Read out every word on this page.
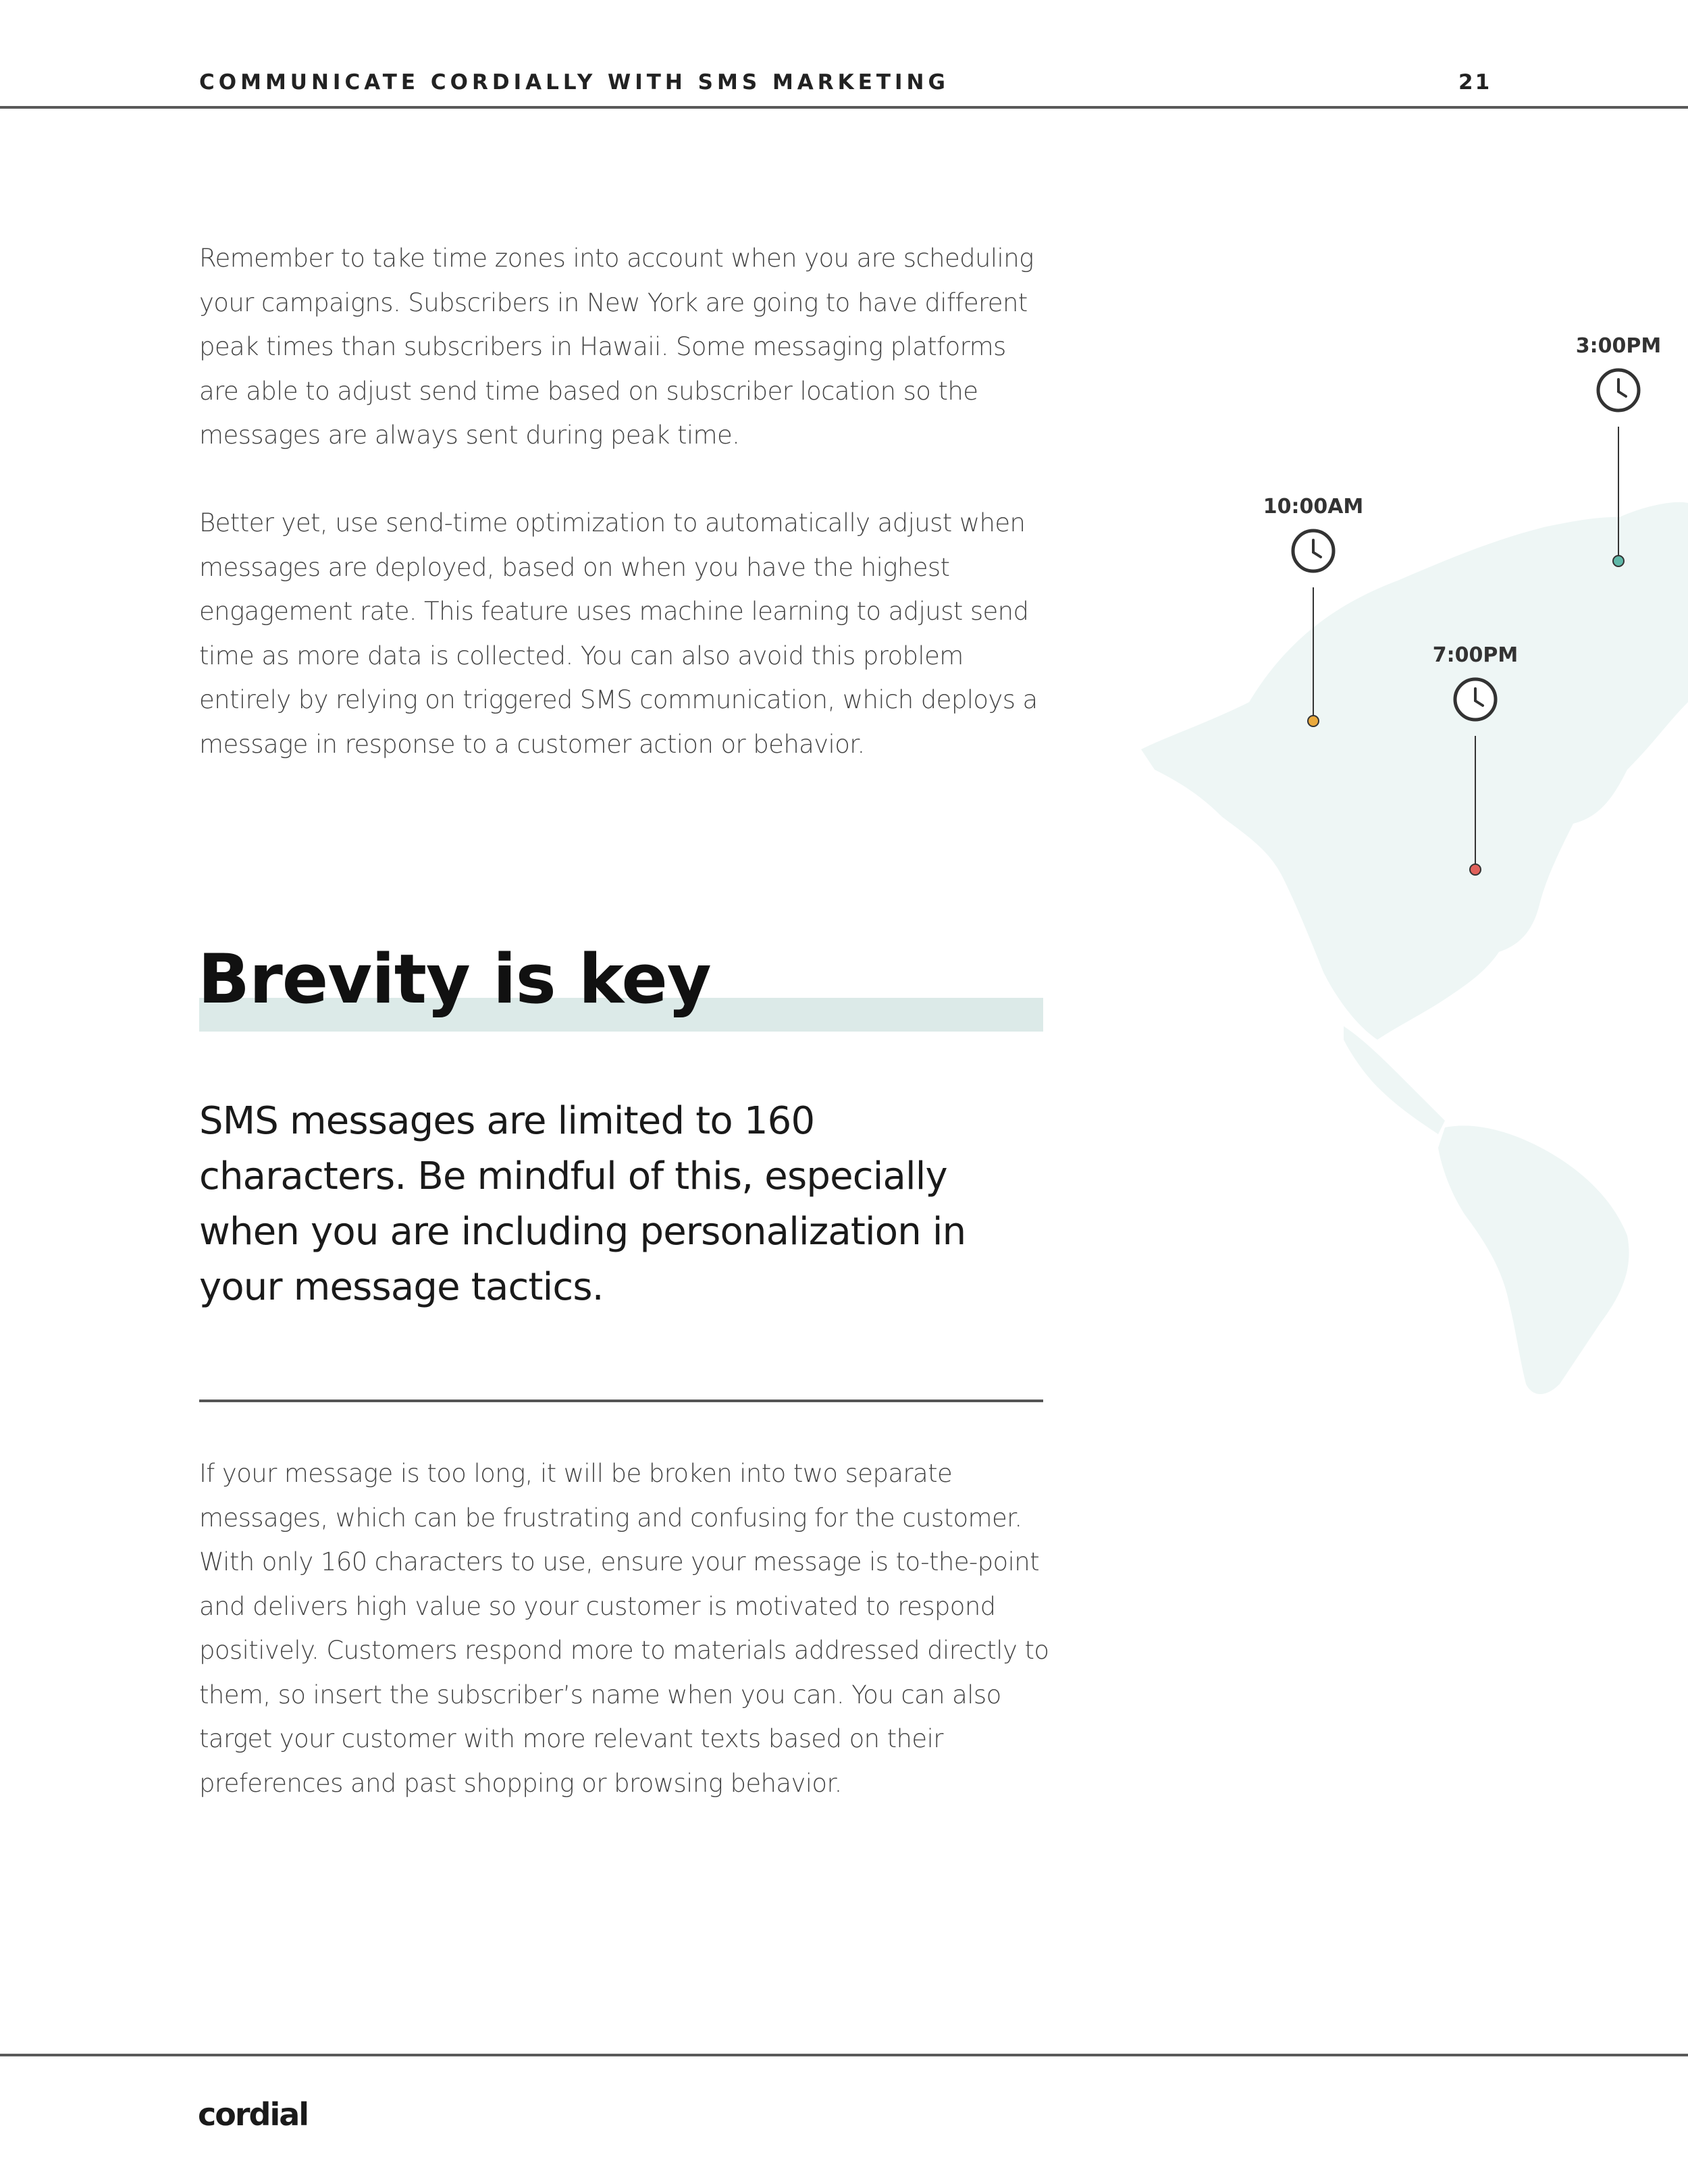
COMMUNICATE CORDIALLY WITH SMS MARKETING	21
3:00PM
10:00AM
7:00PM

Remember to take time zones into account when you are scheduling your campaigns. Subscribers in New York are going to have different peak times than subscribers in Hawaii. Some messaging platforms are able to adjust send time based on subscriber location so the messages are always sent during peak time.

Better yet, use send-time optimization to automatically adjust when messages are deployed, based on when you have the highest engagement rate. This feature uses machine learning to adjust send time as more data is collected. You can also avoid this problem entirely by relying on triggered SMS communication, which deploys a message in response to a customer action or behavior.

Brevity is key

SMS messages are limited to 160 characters. Be mindful of this, especially when you are including personalization in your message tactics.

If your message is too long, it will be broken into two separate messages, which can be frustrating and confusing for the customer. With only 160 characters to use, ensure your message is to-the-point and delivers high value so your customer is motivated to respond positively. Customers respond more to materials addressed directly to them, so insert the subscriber’s name when you can. You can also target your customer with more relevant texts based on their preferences and past shopping or browsing behavior.

cordial
